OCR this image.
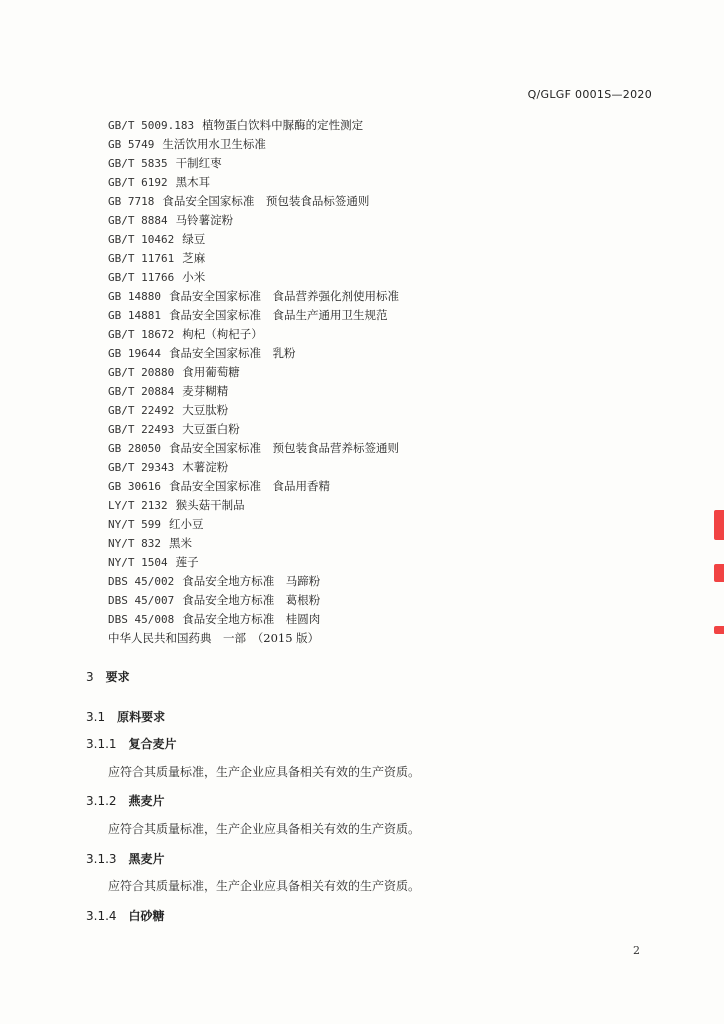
Q/GLGF 0001S—2020
GB/T 5009.183 植物蛋白饮料中脲酶的定性测定
GB 5749 生活饮用水卫生标准
GB/T 5835 干制红枣
GB/T 6192 黑木耳
GB 7718 食品安全国家标准　预包装食品标签通则
GB/T 8884 马铃薯淀粉
GB/T 10462 绿豆
GB/T 11761 芝麻
GB/T 11766 小米
GB 14880 食品安全国家标准　食品营养强化剂使用标准
GB 14881 食品安全国家标准　食品生产通用卫生规范
GB/T 18672 枸杞（枸杞子）
GB 19644 食品安全国家标准　乳粉
GB/T 20880 食用葡萄糖
GB/T 20884 麦芽糊精
GB/T 22492 大豆肽粉
GB/T 22493 大豆蛋白粉
GB 28050 食品安全国家标准　预包装食品营养标签通则
GB/T 29343 木薯淀粉
GB 30616 食品安全国家标准　食品用香精
LY/T 2132 猴头菇干制品
NY/T 599 红小豆
NY/T 832 黑米
NY/T 1504 莲子
DBS 45/002 食品安全地方标准　马蹄粉
DBS 45/007 食品安全地方标准　葛根粉
DBS 45/008 食品安全地方标准　桂圆肉
中华人民共和国药典　一部　（2015 版）
3 要求
3.1 原料要求
3.1.1 复合麦片
应符合其质量标准，生产企业应具备相关有效的生产资质。
3.1.2 燕麦片
应符合其质量标准，生产企业应具备相关有效的生产资质。
3.1.3 黑麦片
应符合其质量标准，生产企业应具备相关有效的生产资质。
3.1.4 白砂糖
2
